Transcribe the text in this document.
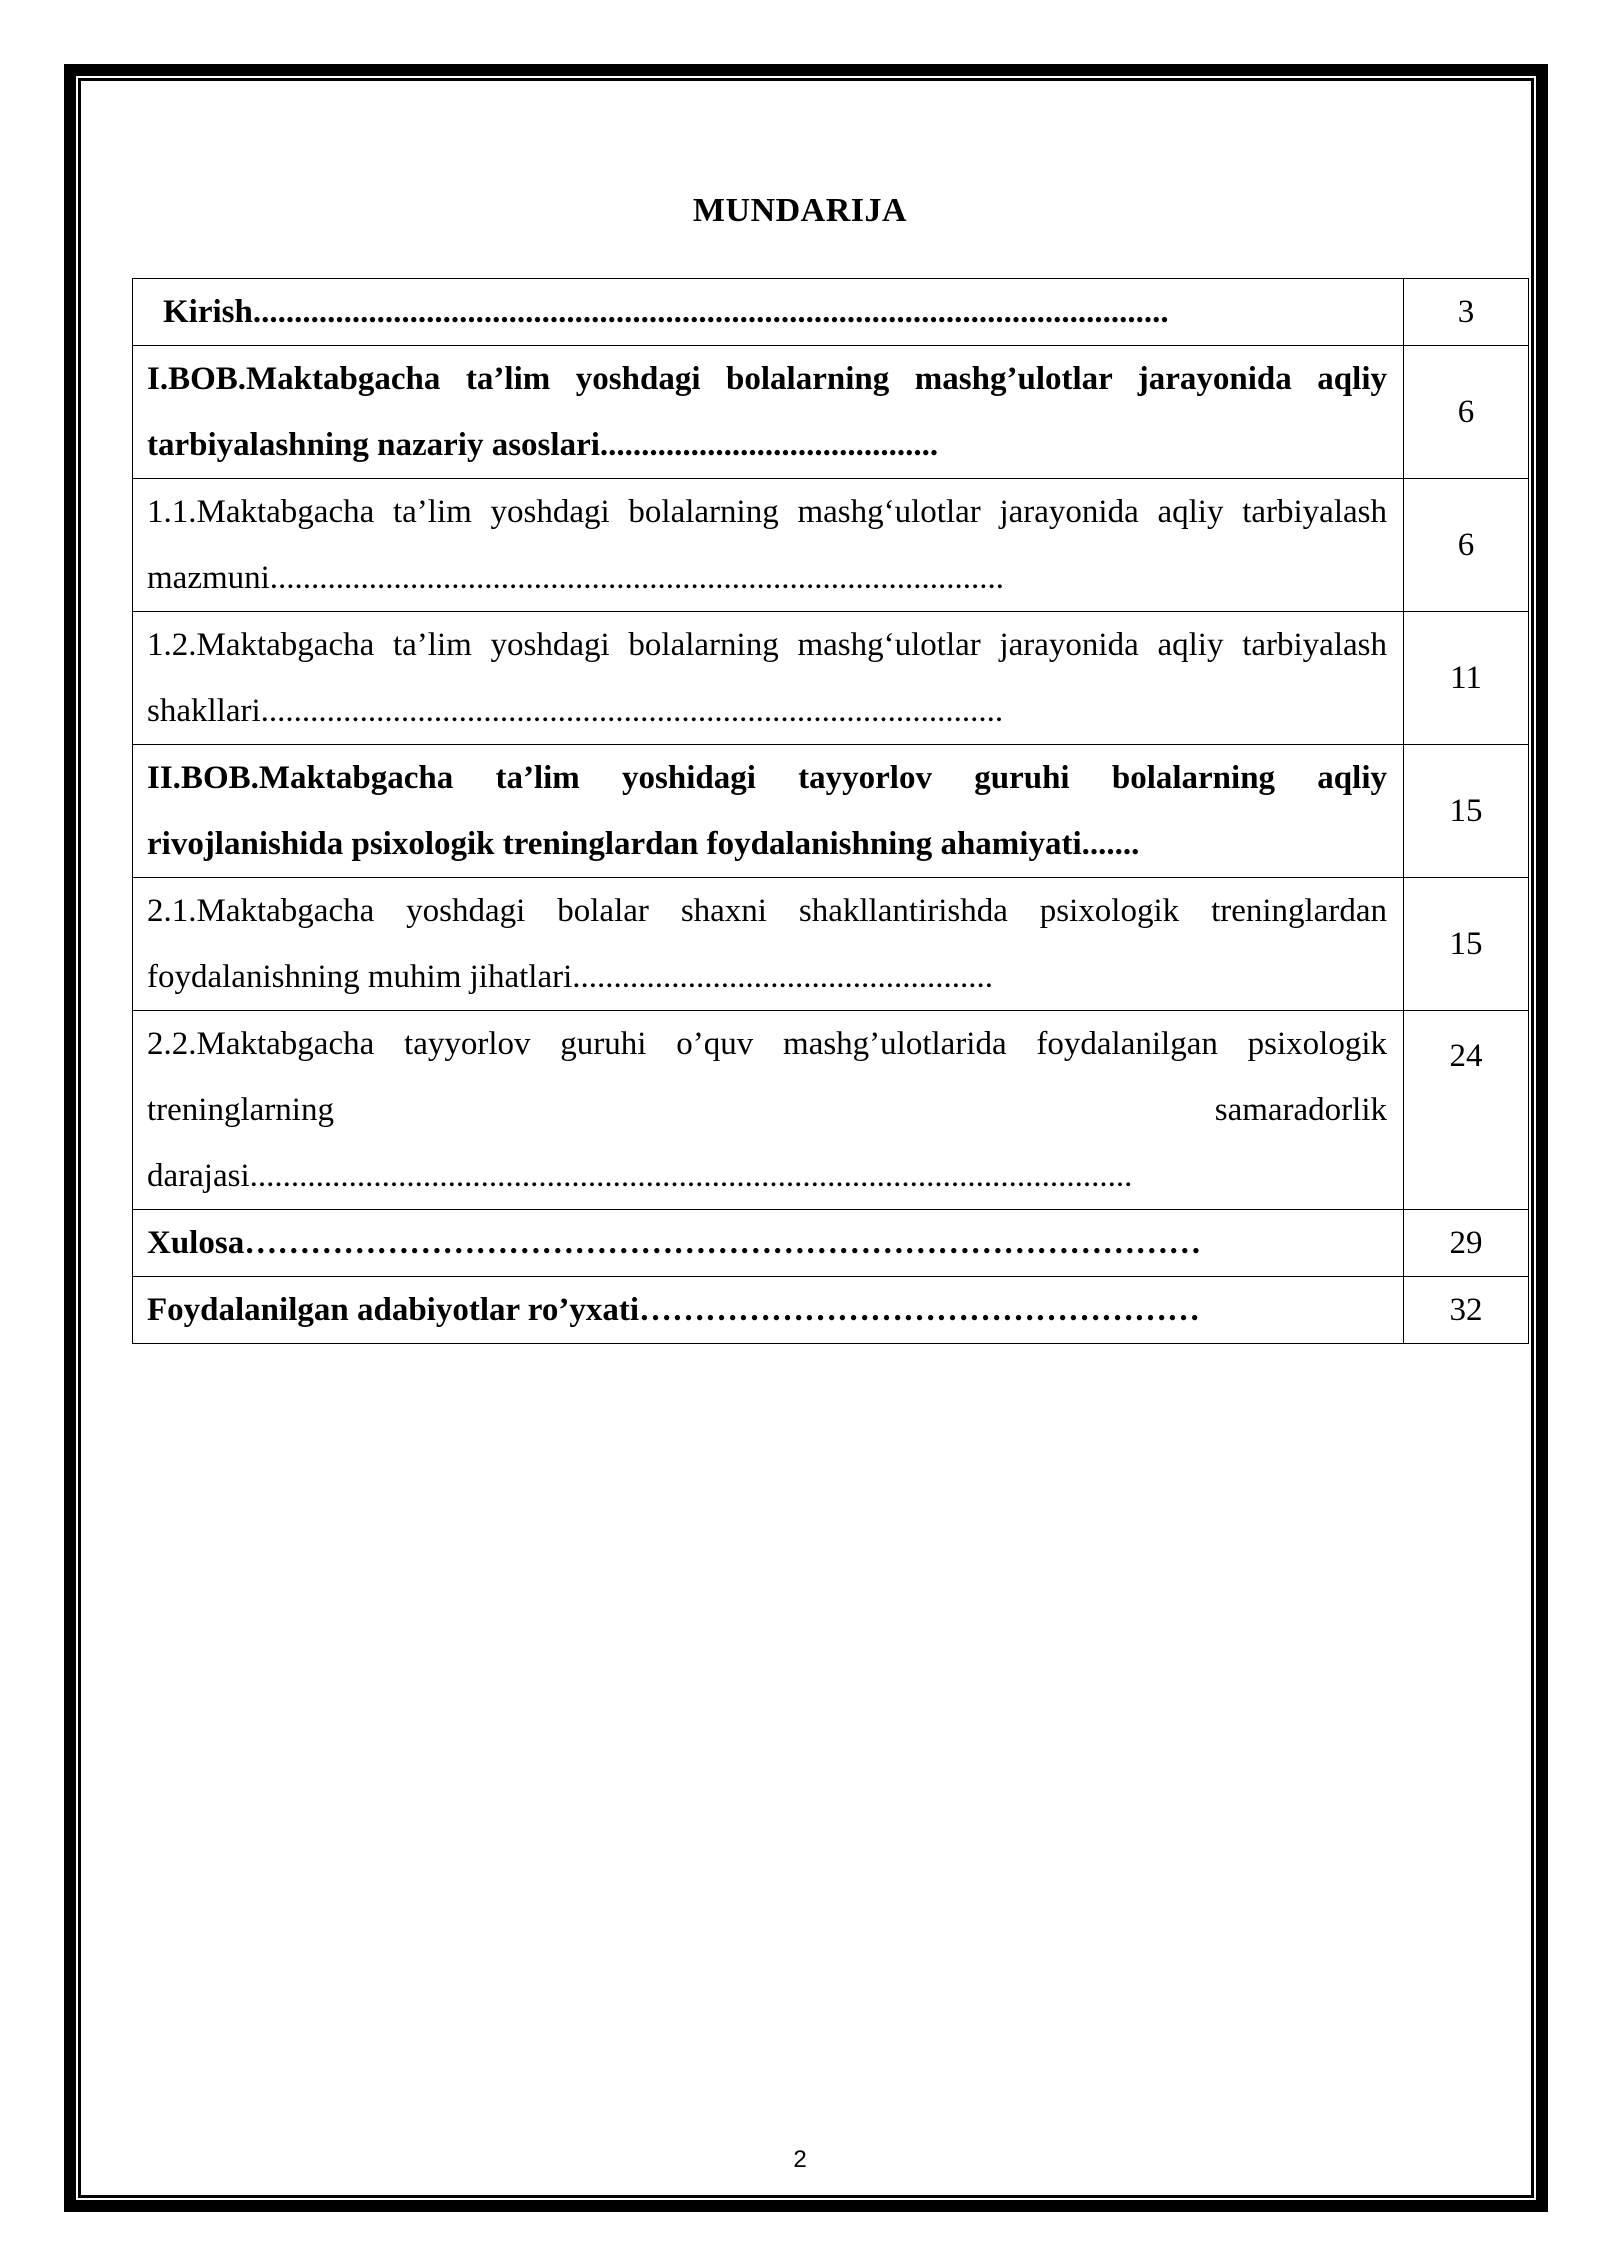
MUNDARIJA
Kirish...............................................................................................................	3
I.BOB.Maktabgacha ta’lim yoshdagi bolalarning mashg’ulotlar jarayonida aqliy tarbiyalashning nazariy asoslari.........................................	6
1.1.Maktabgacha ta’lim yoshdagi bolalarning mashg‘ulotlar jarayonida aqliy tarbiyalash mazmuni.........................................................................................	6
1.2.Maktabgacha ta’lim yoshdagi bolalarning mashg‘ulotlar jarayonida aqliy tarbiyalash shakllari..........................................................................................	11
II.BOB.Maktabgacha ta’lim yoshidagi tayyorlov guruhi bolalarning aqliy rivojlanishida psixologik treninglardan foydalanishning ahamiyati.......	15
2.1.Maktabgacha yoshdagi bolalar shaxni shakllantirishda psixologik treninglardan foydalanishning muhim jihatlari...................................................	15
2.2.Maktabgacha tayyorlov guruhi o’quv mashg’ulotlarida foydalanilgan psixologik treninglarning samaradorlik darajasi...........................................................................................................	24
Xulosa……………………………………………………………………………	29
Foydalanilgan adabiyotlar ro’yxati……………………………………………	32
2
